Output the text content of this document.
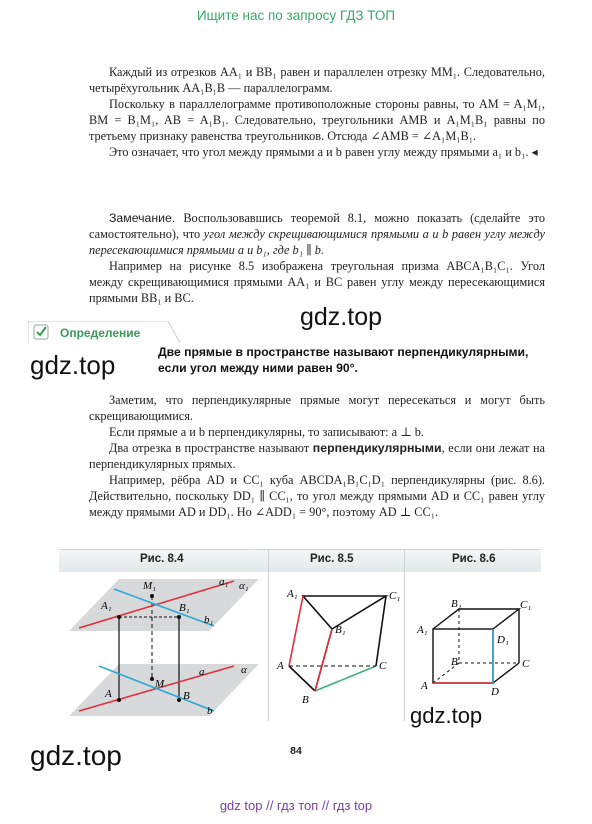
Ищите нас по запросу ГДЗ ТОП

Каждый из отрезков AA₁ и BB₁ равен и параллелен отрезку MM₁. Следовательно, четырёхугольник AA₁B₁B — параллелограмм.

Поскольку в параллелограмме противоположные стороны равны, то AM = A₁M₁, BM = B₁M₁, AB = A₁B₁. Следовательно, треугольники AMB и A₁M₁B₁ равны по третьему признаку равенства треугольников. Отсюда ∠AMB = ∠A₁M₁B₁.

Это означает, что угол между прямыми a и b равен углу между прямыми a₁ и b₁. ◂

Замечание. Воспользовавшись теоремой 8.1, можно показать (сделайте это самостоятельно), что угол между скрещивающимися прямыми a и b равен углу между пересекающимися прямыми a и b₁, где b₁ ∥ b.

Например на рисунке 8.5 изображена треугольная призма ABCA₁B₁C₁. Угол между скрещивающимися прямыми AA₁ и BC равен углу между пересекающимися прямыми BB₁ и BC.

gdz.top
Определение
Две прямые в пространстве называют перпендикулярными, если угол между ними равен 90°.
gdz.top

Заметим, что перпендикулярные прямые могут пересекаться и могут быть скрещивающимися.

Если прямые a и b перпендикулярны, то записывают: a ⊥ b.

Два отрезка в пространстве называют перпендикулярными, если они лежат на перпендикулярных прямых.

Например, рёбра AD и CC₁ куба ABCDA₁B₁C₁D₁ перпендикулярны (рис. 8.6). Действительно, поскольку DD₁ ∥ CC₁, то угол между прямыми AD и CC₁ равен углу между прямыми AD и DD₁. Но ∠ADD₁ = 90°, поэтому AD ⊥ CC₁.

Рис. 8.4	Рис. 8.5	Рис. 8.6
a₁ α₁
A₁
M₁
B₁
b₁
a	α
M
A	B
b
A₁	C₁
B₁
A	C
B
B₁	C₁
A₁
D₁
B	C
A	D
gdz.top
84
gdz.top
gdz top // гдз топ // гдз top
